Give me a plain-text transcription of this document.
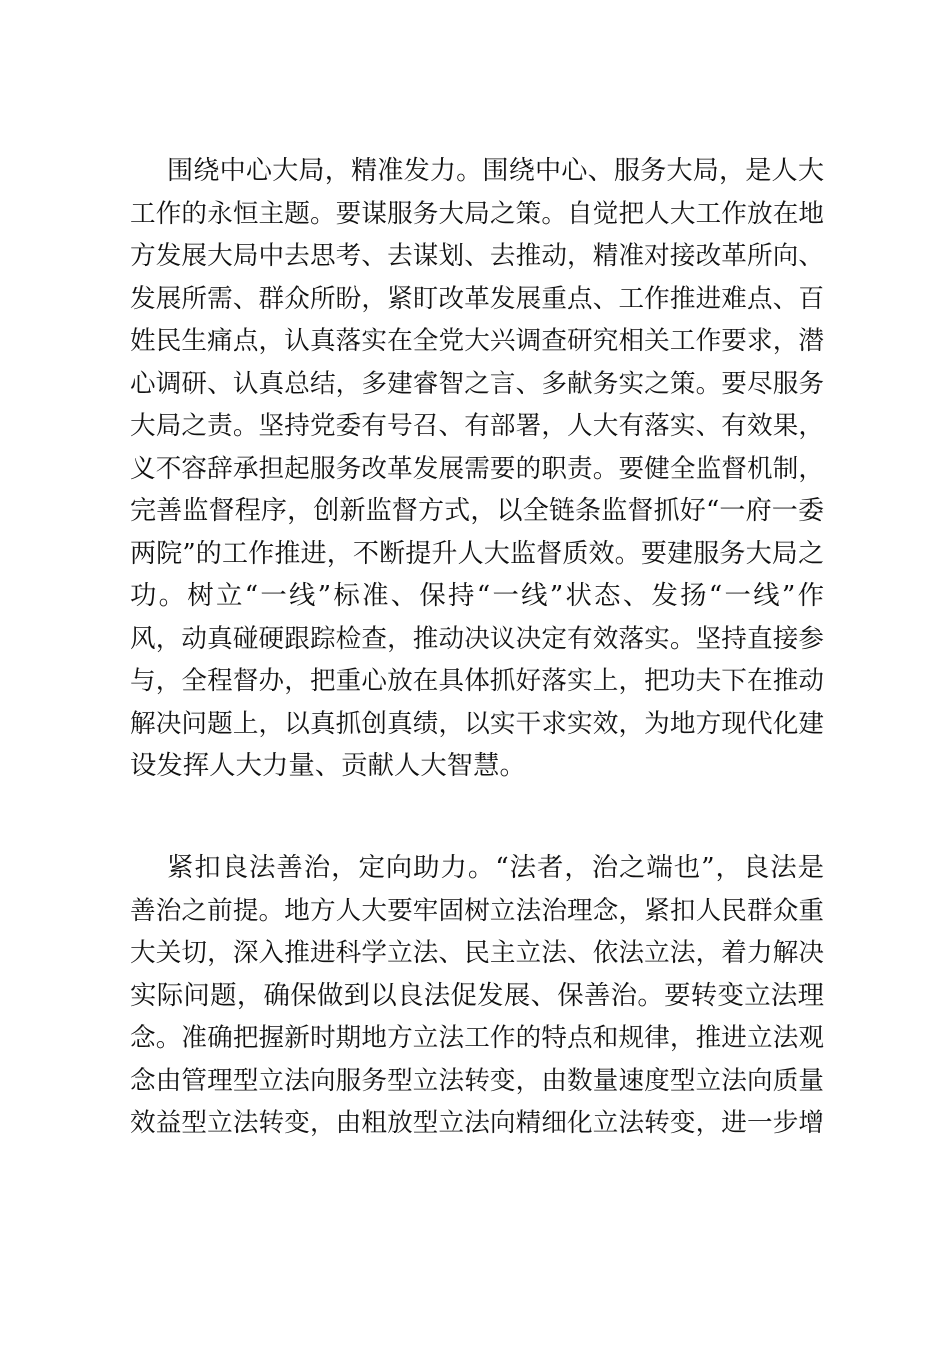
围绕中心大局，精准发力。围绕中心、服务大局，是人大
工作的永恒主题。要谋服务大局之策。自觉把人大工作放在地
方发展大局中去思考、去谋划、去推动，精准对接改革所向、
发展所需、群众所盼，紧盯改革发展重点、工作推进难点、百
姓民生痛点，认真落实在全党大兴调查研究相关工作要求，潜
心调研、认真总结，多建睿智之言、多献务实之策。要尽服务
大局之责。坚持党委有号召、有部署，人大有落实、有效果，
义不容辞承担起服务改革发展需要的职责。要健全监督机制，
完善监督程序，创新监督方式，以全链条监督抓好“一府一委
两院”的工作推进，不断提升人大监督质效。要建服务大局之
功。树立“一线”标准、保持“一线”状态、发扬“一线”作
风，动真碰硬跟踪检查，推动决议决定有效落实。坚持直接参
与，全程督办，把重心放在具体抓好落实上，把功夫下在推动
解决问题上，以真抓创真绩，以实干求实效，为地方现代化建
设发挥人大力量、贡献人大智慧。
紧扣良法善治，定向助力。“法者，治之端也”，良法是
善治之前提。地方人大要牢固树立法治理念，紧扣人民群众重
大关切，深入推进科学立法、民主立法、依法立法，着力解决
实际问题，确保做到以良法促发展、保善治。要转变立法理
念。准确把握新时期地方立法工作的特点和规律，推进立法观
念由管理型立法向服务型立法转变，由数量速度型立法向质量
效益型立法转变，由粗放型立法向精细化立法转变，进一步增
